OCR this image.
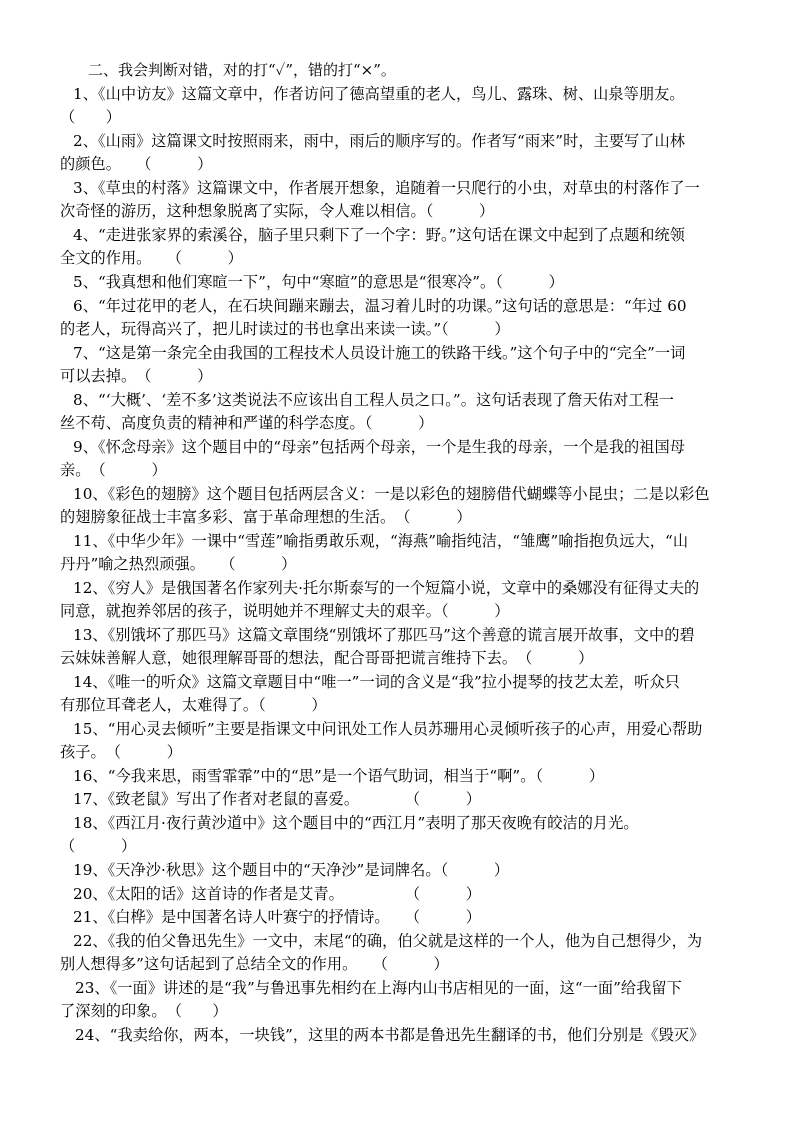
二、我会判断对错，对的打“✓”，错的打“×”。
1、《山中访友》这篇文章中，作者访问了德高望重的老人，鸟儿、露珠、树、山泉等朋友。
（　　）
2、《山雨》这篇课文时按照雨来，雨中，雨后的顺序写的。作者写“雨来”时，主要写了山林
的颜色。　　（　　　）
3、《草虫的村落》这篇课文中，作者展开想象，追随着一只爬行的小虫，对草虫的村落作了一
次奇怪的游历，这种想象脱离了实际，令人难以相信。（　　　）
4、“走进张家界的索溪谷，脑子里只剩下了一个字：野。”这句话在课文中起到了点题和统领
全文的作用。　　（　　　）
5、“我真想和他们寒暄一下”，句中“寒暄”的意思是“很寒冷”。（　　　）
6、“年过花甲的老人，在石块间蹦来蹦去，温习着儿时的功课。”这句话的意思是：“年过 60
的老人，玩得高兴了，把儿时读过的书也拿出来读一读。”（　　　）
7、“这是第一条完全由我国的工程技术人员设计施工的铁路干线。”这个句子中的“完全”一词
可以去掉。　（　　　）
8、“‘大概’、‘差不多’这类说法不应该出自工程人员之口。”。这句话表现了詹天佑对工程一
丝不苟、高度负责的精神和严谨的科学态度。（　　　）
9、《怀念母亲》这个题目中的“母亲”包括两个母亲，一个是生我的母亲，一个是我的祖国母
亲。　（　　　）
10、《彩色的翅膀》这个题目包括两层含义：一是以彩色的翅膀借代蝴蝶等小昆虫；二是以彩色
的翅膀象征战士丰富多彩、富于革命理想的生活。　（　　　）
11、《中华少年》一课中“雪莲”喻指勇敢乐观，“海燕”喻指纯洁，“雏鹰”喻指抱负远大，“山
丹丹”喻之热烈顽强。　　（　　　）
12、《穷人》是俄国著名作家列夫·托尔斯泰写的一个短篇小说，文章中的桑娜没有征得丈夫的
同意，就抱养邻居的孩子，说明她并不理解丈夫的艰辛。（　　　）
13、《别饿坏了那匹马》这篇文章围绕“别饿坏了那匹马”这个善意的谎言展开故事，文中的碧
云妹妹善解人意，她很理解哥哥的想法，配合哥哥把谎言维持下去。　（　　　）
14、《唯一的听众》这篇文章题目中“唯一”一词的含义是“我”拉小提琴的技艺太差，听众只
有那位耳聋老人，太难得了。（　　　）
15、“用心灵去倾听”主要是指课文中问讯处工作人员苏珊用心灵倾听孩子的心声，用爱心帮助
孩子。　（　　　）
16、“今我来思，雨雪霏霏”中的“思”是一个语气助词，相当于“啊”。（　　　）
17、《致老鼠》写出了作者对老鼠的喜爱。　　　　（　　　）
18、《西江月·夜行黄沙道中》这个题目中的“西江月”表明了那天夜晚有皎洁的月光。
（　　　）
19、《天净沙·秋思》这个题目中的“天净沙”是词牌名。（　　　）
20、《太阳的话》这首诗的作者是艾青。　　　　　（　　　）
21、《白桦》是中国著名诗人叶赛宁的抒情诗。　　（　　　）
22、《我的伯父鲁迅先生》一文中，末尾“的确，伯父就是这样的一个人，他为自己想得少，为
别人想得多”这句话起到了总结全文的作用。　　（　　　）
23、《一面》讲述的是“我”与鲁迅事先相约在上海内山书店相见的一面，这“一面”给我留下
了深刻的印象。　（　　）
24、“我卖给你，两本，一块钱”，这里的两本书都是鲁迅先生翻译的书，他们分别是《毁灭》
